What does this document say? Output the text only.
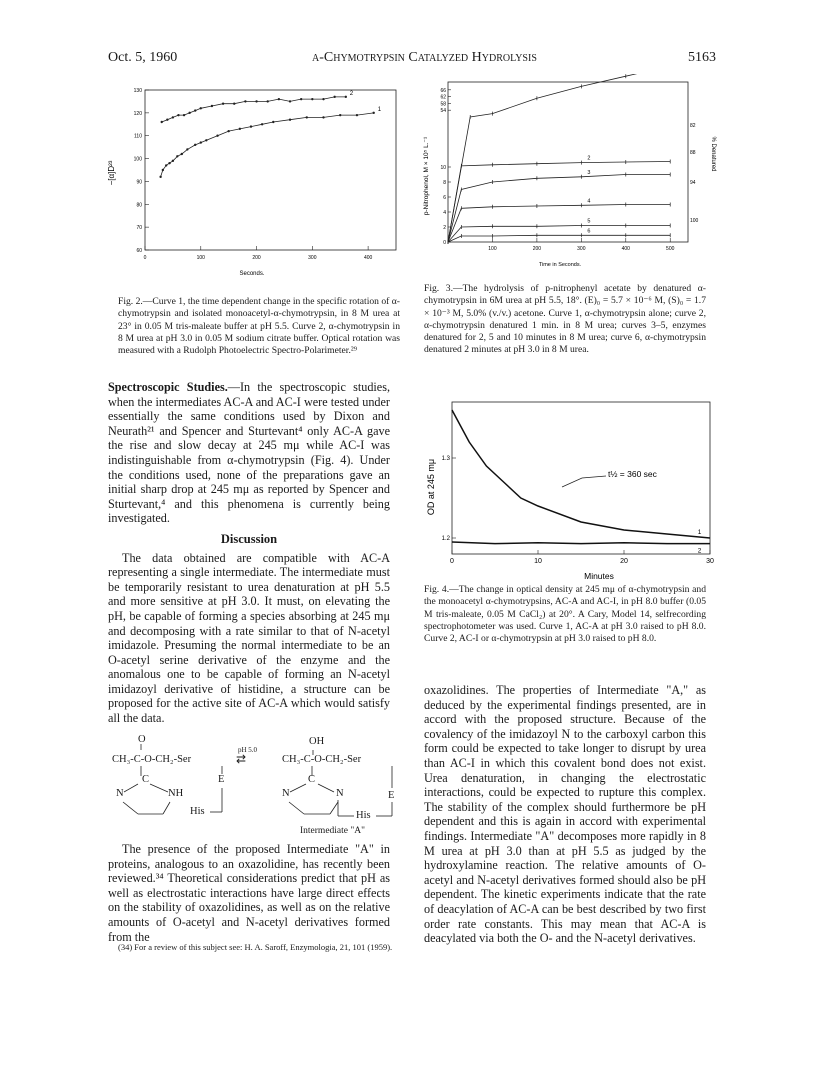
Oct. 5, 1960	α-Chymotrypsin Catalyzed Hydrolysis	5163
60
70
80
90
100
110
120
130
0	100	200	300	400
2
1
Seconds.
−[α]D²³
Fig. 2.—Curve 1, the time dependent change in the specific rotation of α-chymotrypsin and isolated monoacetyl-α-chymotrypsin, in 8 M urea at 23° in 0.05 M tris-maleate buffer at pH 5.5. Curve 2, α-chymotrypsin in 8 M urea at pH 3.0 in 0.05 M sodium citrate buffer. Optical rotation was measured with a Rudolph Photoelectric Spectro-Polarimeter.²⁹
100	200	300	400	500
0
2
4
6
8
10
54
58
62
66
2
3
4
5
6
82
88
94
100
Time in Seconds.
p-Nitrophenol, M × 10⁵ L.⁻¹	% Denatured
Fig. 3.—The hydrolysis of p-nitrophenyl acetate by denatured α-chymotrypsin in 6M urea at pH 5.5, 18°. (E)₀ = 5.7 × 10⁻⁶ M, (S)₀ = 1.7 × 10⁻³ M, 5.0% (v./v.) acetone. Curve 1, α-chymotrypsin alone; curve 2, α-chymotrypsin denatured 1 min. in 8 M urea; curves 3–5, enzymes denatured for 2, 5 and 10 minutes in 8 M urea; curve 6, α-chymotrypsin denatured 2 minutes at pH 3.0 in 8 M urea.
0	10	20	30
1.2
1.3
1
2
t½ = 360 sec
Minutes
OD at 245 mμ
Fig. 4.—The change in optical density at 245 mμ of α-chymotrypsin and the monoacetyl α-chymotrypsins, AC-A and AC-I, in pH 8.0 buffer (0.05 M tris-maleate, 0.05 M CaCl₂) at 20°. A Cary, Model 14, selfrecording spectrophotometer was used. Curve 1, AC-A at pH 3.0 raised to pH 8.0. Curve 2, AC-I or α-chymotrypsin at pH 3.0 raised to pH 8.0.

Spectroscopic Studies.—In the spectroscopic studies, when the intermediates AC-A and AC-I were tested under essentially the same conditions used by Dixon and Neurath²¹ and Spencer and Sturtevant⁴ only AC-A gave the rise and slow decay at 245 mμ while AC-I was indistinguishable from α-chymotrypsin (Fig. 4). Under the conditions used, none of the preparations gave an initial sharp drop at 245 mμ as reported by Spencer and Sturtevant,⁴ and this phenomena is currently being investigated.

Discussion

The data obtained are compatible with AC-A representing a single intermediate. The intermediate must be temporarily resistant to urea denaturation at pH 5.5 and more sensitive at pH 3.0. It must, on elevating the pH, be capable of forming a species absorbing at 245 mμ and decomposing with a rate similar to that of N-acetyl imidazole. Presuming the normal intermediate to be an O-acetyl serine derivative of the enzyme and the anomalous one to be capable of forming an N-acetyl imidazoyl derivative of histidine, a structure can be proposed for the active site of AC-A which would satisfy all the data.

O
‖
CH₃-C-O-CH₂-Ser
pH 5.0
⇄
OH
CH₃-C-O-CH₂-Ser
C
N	NH
E
His
C
N	N	E
His
Intermediate "A"

The presence of the proposed Intermediate "A" in proteins, analogous to an oxazolidine, has recently been reviewed.³⁴ Theoretical considerations predict that pH as well as electrostatic interactions have large direct effects on the stability of oxazolidines, as well as on the relative amounts of O-acetyl and N-acetyl derivatives formed from the

(34) For a review of this subject see: H. A. Saroff, Enzymologia, 21, 101 (1959).

oxazolidines. The properties of Intermediate "A," as deduced by the experimental findings presented, are in accord with the proposed structure. Because of the covalency of the imidazoyl N to the carboxyl carbon this form could be expected to take longer to disrupt by urea than AC-I in which this covalent bond does not exist. Urea denaturation, in changing the electrostatic interactions, could be expected to rupture this complex. The stability of the complex should furthermore be pH dependent and this is again in accord with experimental findings. Intermediate "A" decomposes more rapidly in 8 M urea at pH 3.0 than at pH 5.5 as judged by the hydroxylamine reaction. The relative amounts of O-acetyl and N-acetyl derivatives formed should also be pH dependent. The kinetic experiments indicate that the rate of deacylation of AC-A can be best described by two first order rate constants. This may mean that AC-A is deacylated via both the O- and the N-acetyl derivatives.
